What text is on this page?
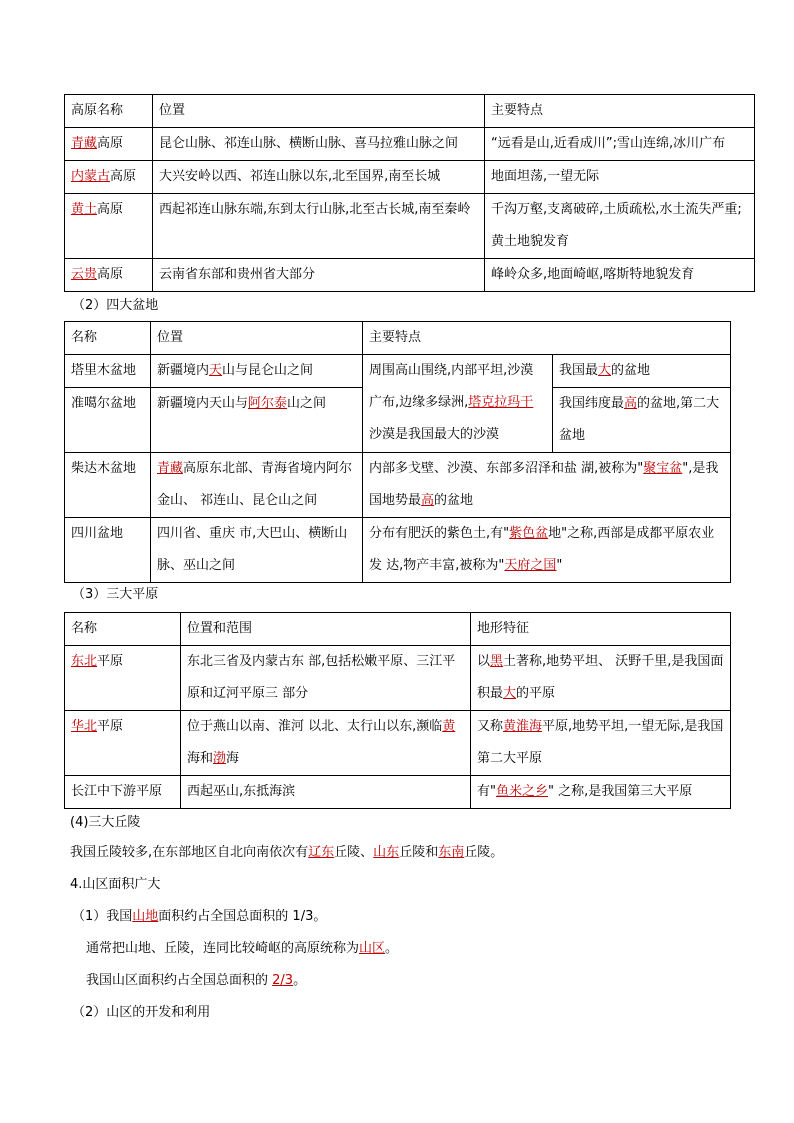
高原名称	位置	主要特点
青藏高原	昆仑山脉、祁连山脉、横断山脉、喜马拉雅山脉之间	“远看是山,近看成川”;雪山连绵,冰川广布
内蒙古高原	大兴安岭以西、祁连山脉以东,北至国界,南至长城	地面坦荡,一望无际
黄土高原	西起祁连山脉东端,东到太行山脉,北至古长城,南至秦岭	千沟万壑,支离破碎,土质疏松,水土流失严重;黄土地貌发育
云贵高原	云南省东部和贵州省大部分	峰岭众多,地面崎岖,喀斯特地貌发育
（2）四大盆地
名称	位置	主要特点	
塔里木盆地	新疆境内天山与昆仑山之间	周围高山围绕,内部平坦,沙漠广布,边缘多绿洲,塔克拉玛干沙漠是我国最大的沙漠	我国最大的盆地
准噶尔盆地	新疆境内天山与阿尔泰山之间		我国纬度最高的盆地,第二大盆地
柴达木盆地	青藏高原东北部、青海省境内阿尔金山、 祁连山、昆仑山之间	内部多戈壁、沙漠、东部多沼泽和盐 湖,被称为"聚宝盆",是我国地势最高的盆地	
四川盆地	四川省、重庆 市,大巴山、横断山脉、巫山之间	分布有肥沃的紫色土,有"紫色盆地"之称,西部是成都平原农业发 达,物产丰富,被称为"天府之国"	
（3）三大平原
名称	位置和范围	地形特征
东北平原	东北三省及内蒙古东 部,包括松嫩平原、三江平原和辽河平原三 部分	以黑土著称,地势平坦、 沃野千里,是我国面积最大的平原
华北平原	位于燕山以南、淮河 以北、太行山以东,濒临黄海和渤海	又称黄淮海平原,地势平坦,一望无际,是我国第二大平原
长江中下游平原	西起巫山,东抵海滨	有"鱼米之乡" 之称,是我国第三大平原
(4)三大丘陵
我国丘陵较多,在东部地区自北向南依次有辽东丘陵、山东丘陵和东南丘陵。
4.山区面积广大
（1）我国山地面积约占全国总面积的 1/3。
通常把山地、丘陵，连同比较崎岖的高原统称为山区。
我国山区面积约占全国总面积的 2/3。
（2）山区的开发和利用
